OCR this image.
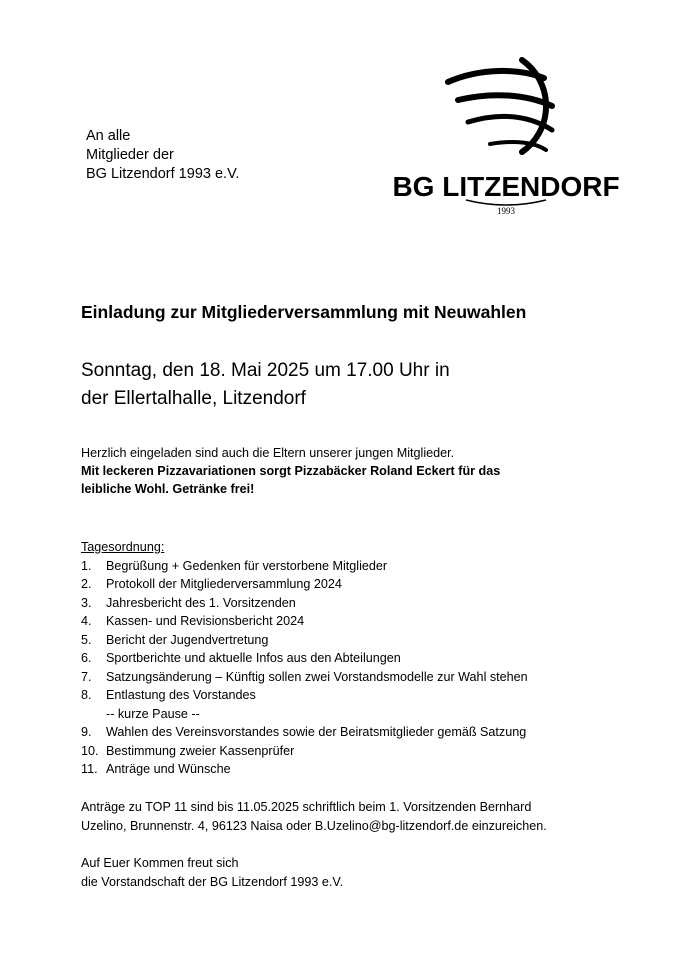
An alle
Mitglieder der
BG Litzendorf 1993 e.V.	BG LITZENDORF
1993
Einladung zur Mitgliederversammlung mit Neuwahlen
Sonntag, den 18. Mai 2025 um 17.00 Uhr in
der Ellertalhalle, Litzendorf
Herzlich eingeladen sind auch die Eltern unserer jungen Mitglieder.
Mit leckeren Pizzavariationen sorgt Pizzabäcker Roland Eckert für das
leibliche Wohl. Getränke frei!
Tagesordnung:
1.	Begrüßung + Gedenken für verstorbene Mitglieder
2.	Protokoll der Mitgliederversammlung 2024
3.	Jahresbericht des 1. Vorsitzenden
4.	Kassen- und Revisionsbericht 2024
5.	Bericht der Jugendvertretung
6.	Sportberichte und aktuelle Infos aus den Abteilungen
7.	Satzungsänderung – Künftig sollen zwei Vorstandsmodelle zur Wahl stehen
8.	Entlastung des Vorstandes
-- kurze Pause --
9.	Wahlen des Vereinsvorstandes sowie der Beiratsmitglieder gemäß Satzung
10. Bestimmung zweier Kassenprüfer
11. Anträge und Wünsche
Anträge zu TOP 11 sind bis 11.05.2025 schriftlich beim 1. Vorsitzenden Bernhard
Uzelino, Brunnenstr. 4, 96123 Naisa oder B.Uzelino@bg-litzendorf.de einzureichen.
Auf Euer Kommen freut sich
die Vorstandschaft der BG Litzendorf 1993 e.V.
